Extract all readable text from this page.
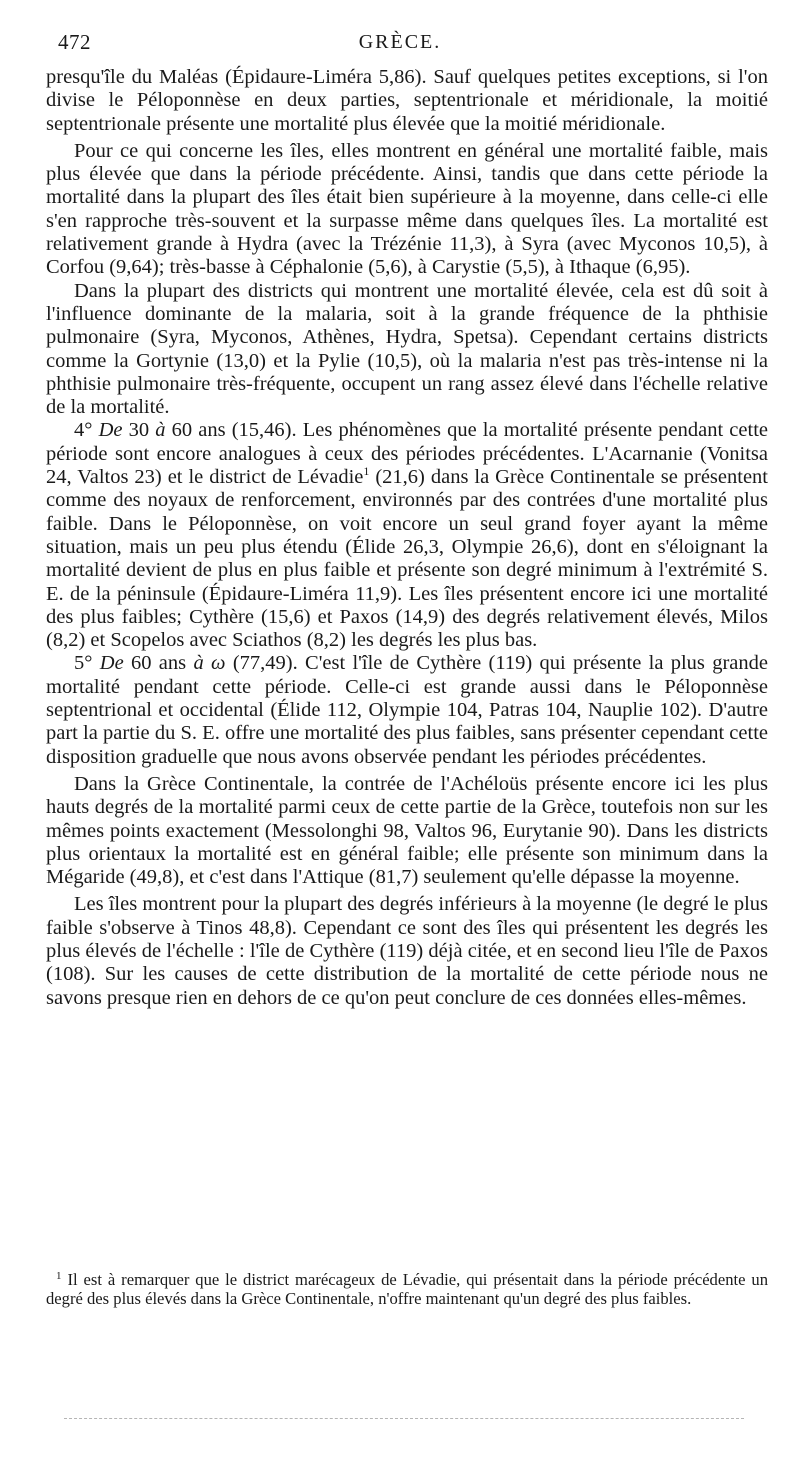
472	GRÈCE.

presqu'île du Maléas (Épidaure-Liméra 5,86). Sauf quelques petites exceptions, si l'on divise le Péloponnèse en deux parties, septentrionale et méridionale, la moitié septentrionale présente une mortalité plus élevée que la moitié méridionale.

Pour ce qui concerne les îles, elles montrent en général une mortalité faible, mais plus élevée que dans la période précédente. Ainsi, tandis que dans cette période la mortalité dans la plupart des îles était bien supérieure à la moyenne, dans celle-ci elle s'en rapproche très-souvent et la surpasse même dans quelques îles. La mortalité est relativement grande à Hydra (avec la Trézénie 11,3), à Syra (avec Myconos 10,5), à Corfou (9,64); très-basse à Céphalonie (5,6), à Carystie (5,5), à Ithaque (6,95).

Dans la plupart des districts qui montrent une mortalité élevée, cela est dû soit à l'influence dominante de la malaria, soit à la grande fréquence de la phthisie pulmonaire (Syra, Myconos, Athènes, Hydra, Spetsa). Cependant certains districts comme la Gortynie (13,0) et la Pylie (10,5), où la malaria n'est pas très-intense ni la phthisie pulmonaire très-fréquente, occupent un rang assez élevé dans l'échelle relative de la mortalité.

4° De 30 à 60 ans (15,46). Les phénomènes que la mortalité présente pendant cette période sont encore analogues à ceux des périodes précédentes. L'Acarnanie (Vonitsa 24, Valtos 23) et le district de Lévadie$^1$ (21,6) dans la Grèce Continentale se présentent comme des noyaux de renforcement, environnés par des contrées d'une mortalité plus faible. Dans le Péloponnèse, on voit encore un seul grand foyer ayant la même situation, mais un peu plus étendu (Élide 26,3, Olympie 26,6), dont en s'éloignant la mortalité devient de plus en plus faible et présente son degré minimum à l'extrémité S. E. de la péninsule (Épidaure-Liméra 11,9). Les îles présentent encore ici une mortalité des plus faibles; Cythère (15,6) et Paxos (14,9) des degrés relativement élevés, Milos (8,2) et Scopelos avec Sciathos (8,2) les degrés les plus bas.

5° De 60 ans à ω (77,49). C'est l'île de Cythère (119) qui présente la plus grande mortalité pendant cette période. Celle-ci est grande aussi dans le Péloponnèse septentrional et occidental (Élide 112, Olympie 104, Patras 104, Nauplie 102). D'autre part la partie du S. E. offre une mortalité des plus faibles, sans présenter cependant cette disposition graduelle que nous avons observée pendant les périodes précédentes.

Dans la Grèce Continentale, la contrée de l'Achéloüs présente encore ici les plus hauts degrés de la mortalité parmi ceux de cette partie de la Grèce, toutefois non sur les mêmes points exactement (Messolonghi 98, Valtos 96, Eurytanie 90). Dans les districts plus orientaux la mortalité est en général faible; elle présente son minimum dans la Mégaride (49,8), et c'est dans l'Attique (81,7) seulement qu'elle dépasse la moyenne.

Les îles montrent pour la plupart des degrés inférieurs à la moyenne (le degré le plus faible s'observe à Tinos 48,8). Cependant ce sont des îles qui présentent les degrés les plus élevés de l'échelle : l'île de Cythère (119) déjà citée, et en second lieu l'île de Paxos (108). Sur les causes de cette distribution de la mortalité de cette période nous ne savons presque rien en dehors de ce qu'on peut conclure de ces données elles-mêmes.

$^1$ Il est à remarquer que le district marécageux de Lévadie, qui présentait dans la période précédente un degré des plus élevés dans la Grèce Continentale, n'offre maintenant qu'un degré des plus faibles.
